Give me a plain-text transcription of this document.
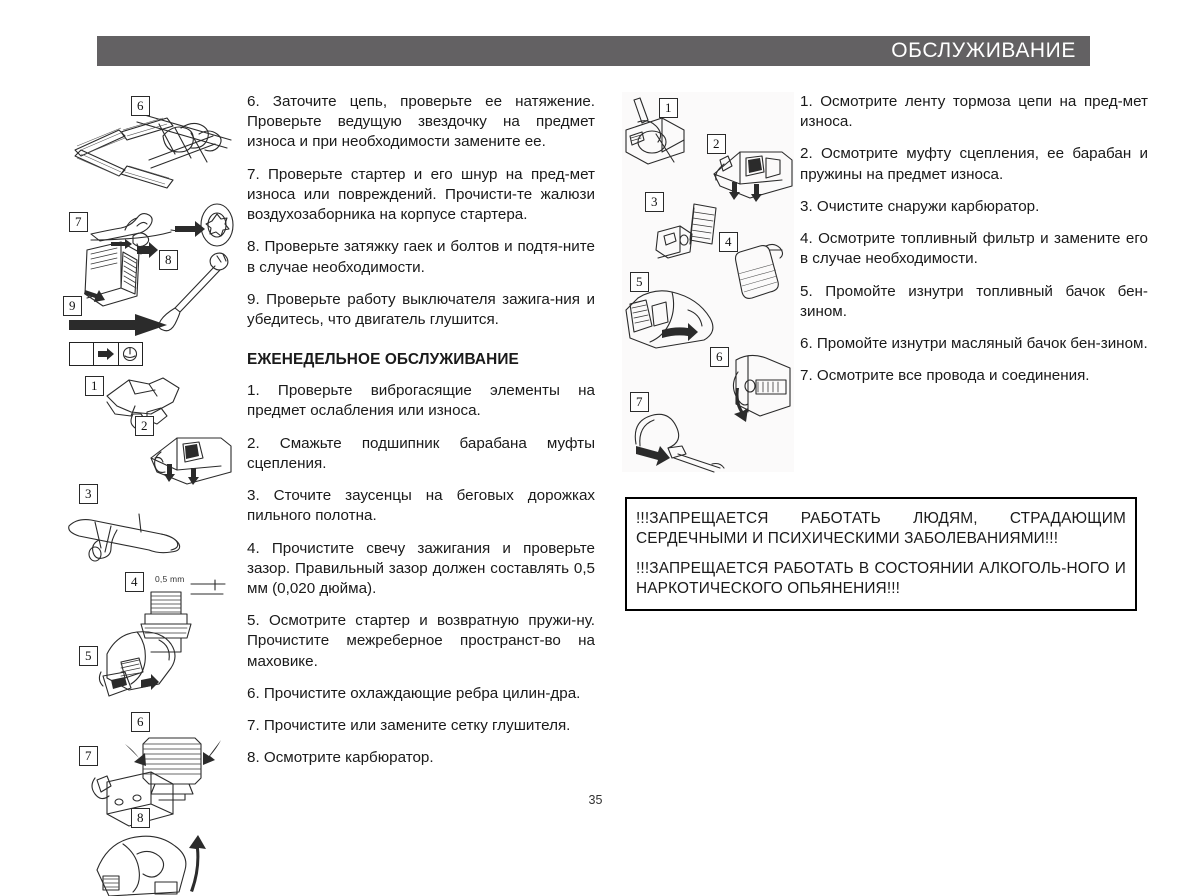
ОБСЛУЖИВАНИЕ
6
7
8
9
1
2
3
4	0,5 mm
5
6
7
8

6. Заточите цепь, проверьте ее натяжение. Проверьте ведущую звездочку на предмет износа и при необходимости замените ее.

7. Проверьте стартер и его шнур на пред-мет износа или повреждений. Прочисти-те жалюзи воздухозаборника на корпусе стартера.

8. Проверьте затяжку гаек и болтов и подтя-ните в случае необходимости.

9. Проверьте работу выключателя зажига-ния и убедитесь, что двигатель глушится.

ЕЖЕНЕДЕЛЬНОЕ ОБСЛУЖИВАНИЕ

1. Проверьте виброгасящие элементы на предмет ослабления или износа.

2. Смажьте подшипник барабана муфты сцепления.

3. Сточите заусенцы на беговых дорожках пильного полотна.

4. Прочистите свечу зажигания и проверьте зазор. Правильный зазор должен составлять 0,5 мм (0,020 дюйма).

5. Осмотрите стартер и возвратную пружи-ну. Прочистите межреберное пространст-во на маховике.

6. Прочистите охлаждающие ребра цилин-дра.

7. Прочистите или замените сетку глушителя.

8. Осмотрите карбюратор.

1
2
3
4
5
6
7

1. Осмотрите ленту тормоза цепи на пред-мет износа.

2. Осмотрите муфту сцепления, ее барабан и пружины на предмет износа.

3. Очистите снаружи карбюратор.

4. Осмотрите топливный фильтр и замените его в случае необходимости.

5. Промойте изнутри топливный бачок бен-зином.

6. Промойте изнутри масляный бачок бен-зином.

7. Осмотрите все провода и соединения.

!!!ЗАПРЕЩАЕТСЯ РАБОТАТЬ ЛЮДЯМ, СТРАДАЮЩИМ СЕРДЕЧНЫМИ И ПСИХИЧЕСКИМИ ЗАБОЛЕВАНИЯМИ!!!

!!!ЗАПРЕЩАЕТСЯ РАБОТАТЬ В СОСТОЯНИИ АЛКОГОЛЬ-НОГО И НАРКОТИЧЕСКОГО ОПЬЯНЕНИЯ!!!

35
